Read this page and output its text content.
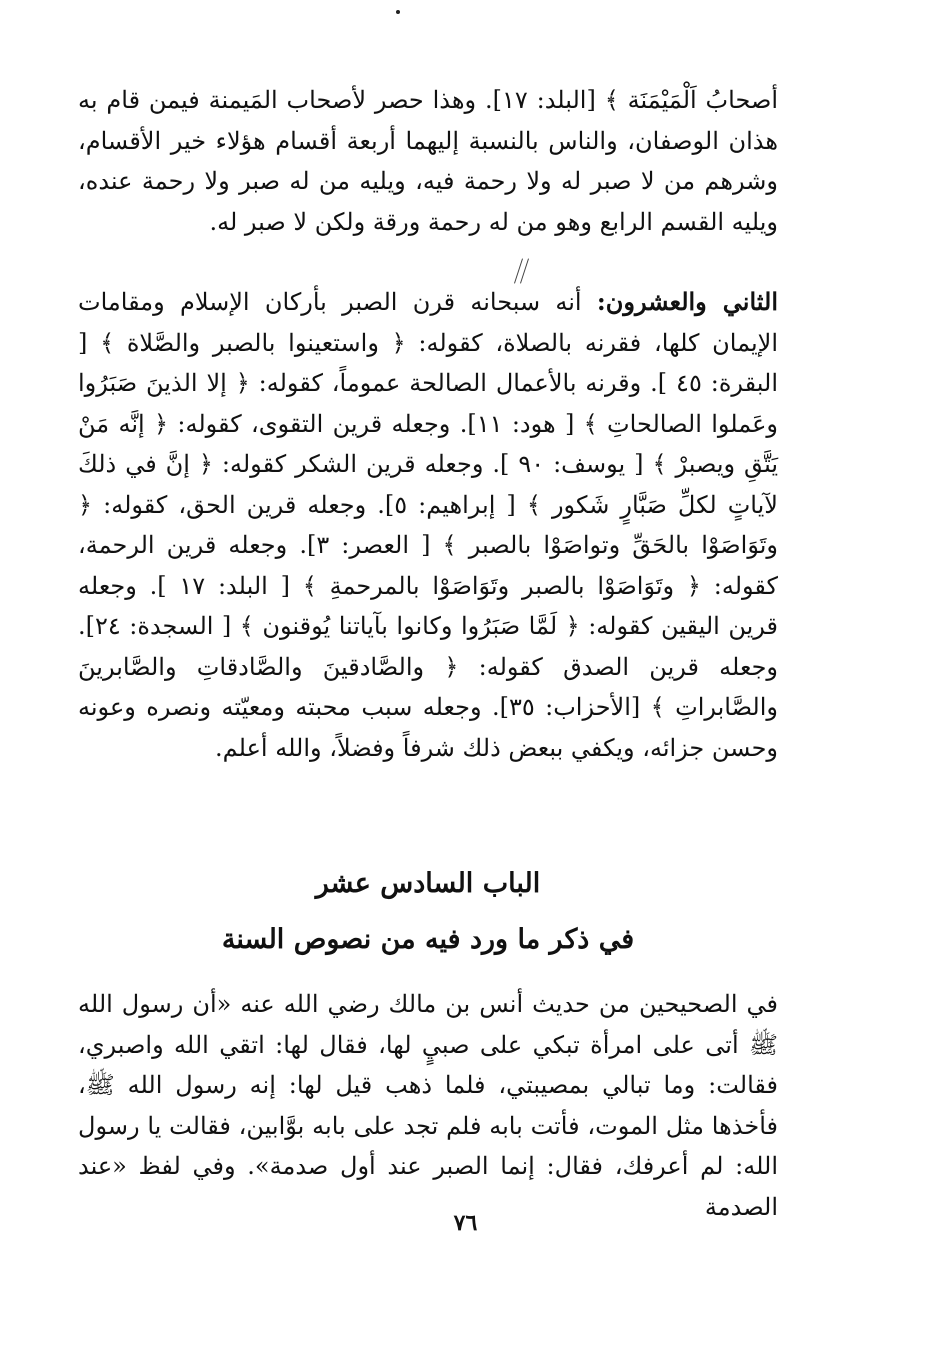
أصحابُ اَلْمَيْمَنَة ﴾ [البلد: ١٧]. وهذا حصر لأصحاب المَيمنة فيمن قام به هذان الوصفان، والناس بالنسبة إليهما أربعة أقسام هؤلاء خير الأقسام، وشرهم من لا صبر له ولا رحمة فيه، ويليه من له صبر ولا رحمة عنده، ويليه القسم الرابع وهو من له رحمة ورقة ولكن لا صبر له.

الثاني والعشرون: أنه سبحانه قرن الصبر بأركان الإسلام ومقامات الإيمان كلها، فقرنه بالصلاة، كقوله: ﴿ واستعينوا بالصبر والصَّلاة ﴾ [ البقرة: ٤٥ ]. وقرنه بالأعمال الصالحة عموماً، كقوله: ﴿ إلا الذينَ صَبَرُوا وعَملوا الصالحاتِ ﴾ [ هود: ١١]. وجعله قرين التقوى، كقوله: ﴿ إنَّه مَنْ يَتَّقِ ويصبرْ ﴾ [ يوسف: ٩٠ ]. وجعله قرين الشكر كقوله: ﴿ إنَّ في ذلكَ لآياتٍ لكلِّ صَبَّارٍ شَكور ﴾ [ إبراهيم: ٥]. وجعله قرين الحق، كقوله: ﴿ وتَوَاصَوْا بالحَقِّ وتواصَوْا بالصبر ﴾ [ العصر: ٣]. وجعله قرين الرحمة، كقوله: ﴿ وتَوَاصَوْا بالصبر وتَوَاصَوْا بالمرحمةِ ﴾ [ البلد: ١٧ ]. وجعله قرين اليقين كقوله: ﴿ لَمَّا صَبَرُوا وكانوا بآياتنا يُوقنون ﴾ [ السجدة: ٢٤]. وجعله قرين الصدق كقوله: ﴿ والصَّادقينَ والصَّادقاتِ والصَّابرينَ والصَّابراتِ ﴾ [الأحزاب: ٣٥]. وجعله سبب محبته ومعيّته ونصره وعونه وحسن جزائه، ويكفي ببعض ذلك شرفاً وفضلاً، والله أعلم.

الباب السادس عشر
في ذكر ما ورد فيه من نصوص السنة

في الصحيحين من حديث أنس بن مالك رضي الله عنه «أن رسول الله ﷺ أتى على امرأة تبكي على صبيٍ لها، فقال لها: اتقي الله واصبري، فقالت: وما تبالي بمصيبتي، فلما ذهب قيل لها: إنه رسول الله ﷺ، فأخذها مثل الموت، فأتت بابه فلم تجد على بابه بوَّابين، فقالت يا رسول الله: لم أعرفك، فقال: إنما الصبر عند أول صدمة». وفي لفظ «عند الصدمة

٧٦
